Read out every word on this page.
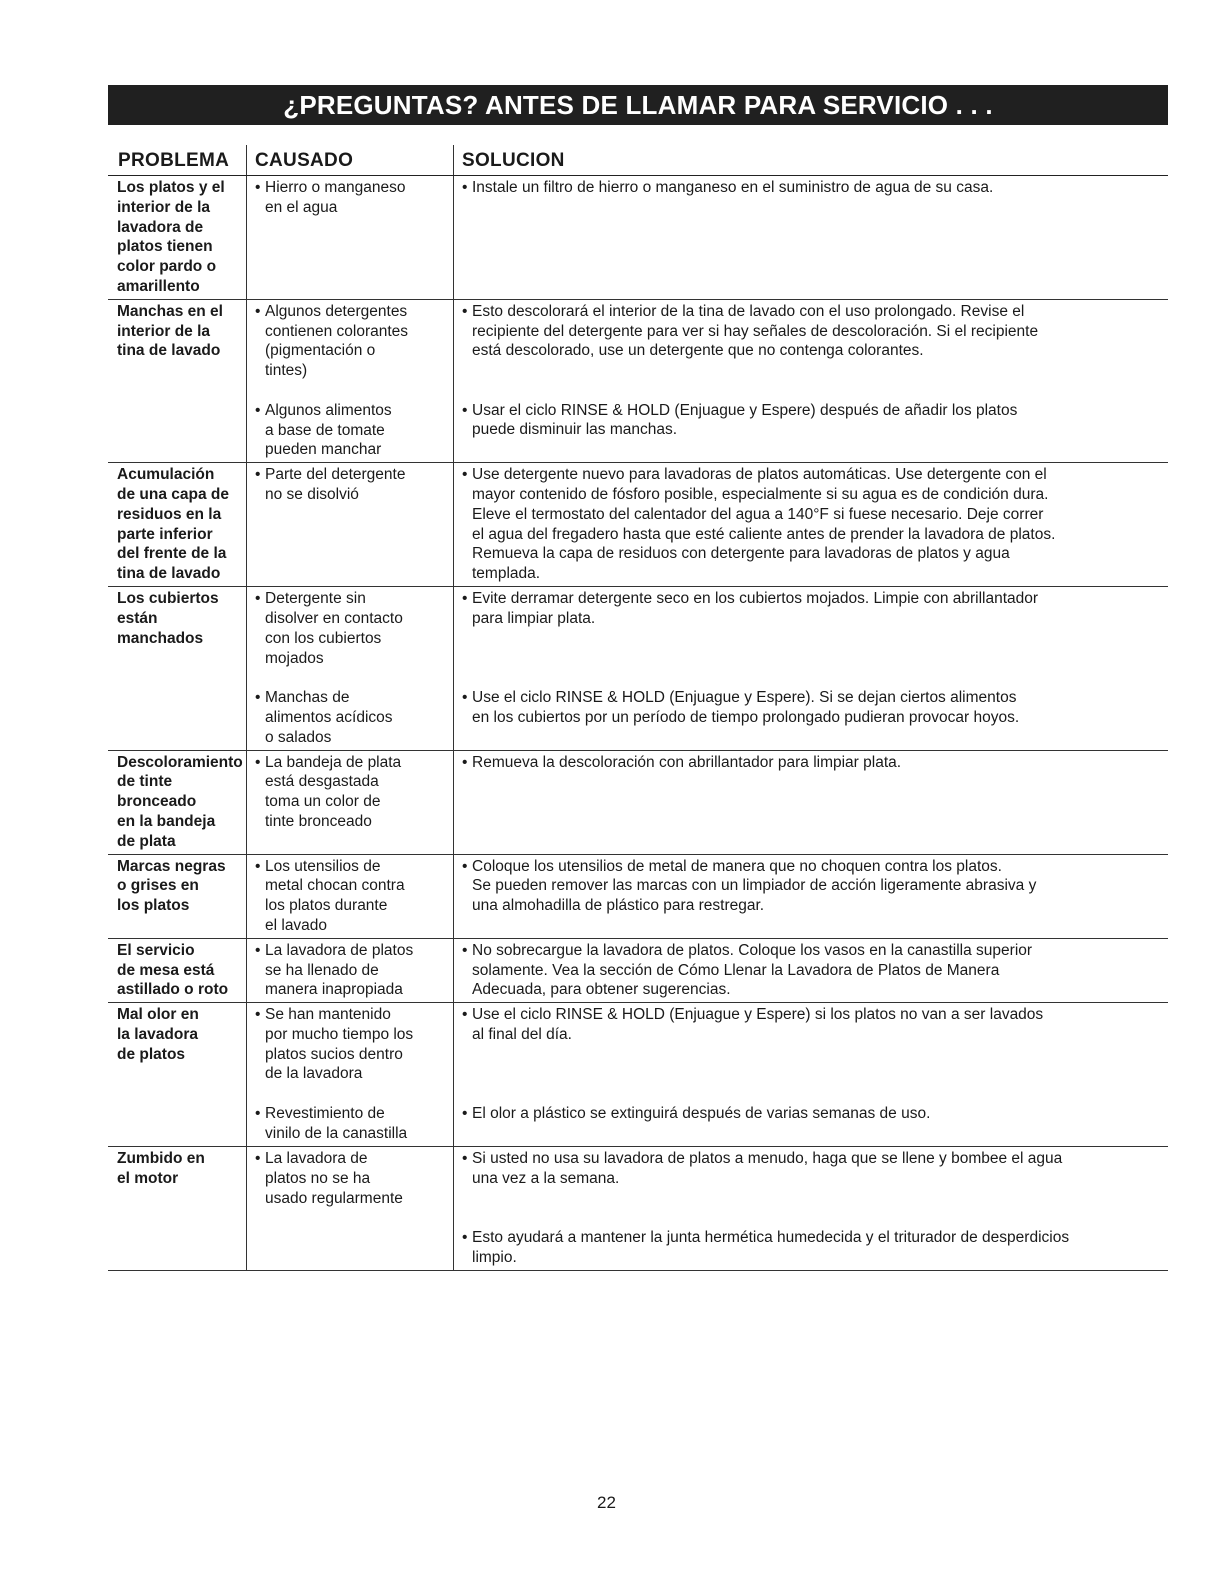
¿PREGUNTAS? ANTES DE LLAMAR PARA SERVICIO . . .
PROBLEMA	CAUSADO	SOLUCION
Los platos y el
interior de la
lavadora de
platos tienen
color pardo o
amarillento
• Hierro o manganeso
en el agua
• Instale un filtro de hierro o manganeso en el suministro de agua de su casa.
Manchas en el
interior de la
tina de lavado
• Algunos detergentes
contienen colorantes
(pigmentación o
tintes)
• Algunos alimentos
a base de tomate
pueden manchar
• Esto descolorará el interior de la tina de lavado con el uso prolongado. Revise el
recipiente del detergente para ver si hay señales de descoloración. Si el recipiente
está descolorado, use un detergente que no contenga colorantes.
• Usar el ciclo RINSE & HOLD (Enjuague y Espere) después de añadir los platos
puede disminuir las manchas.
Acumulación
de una capa de
residuos en la
parte inferior
del frente de la
tina de lavado
• Parte del detergente
no se disolvió
• Use detergente nuevo para lavadoras de platos automáticas. Use detergente con el
mayor contenido de fósforo posible, especialmente si su agua es de condición dura.
Eleve el termostato del calentador del agua a 140°F si fuese necesario. Deje correr
el agua del fregadero hasta que esté caliente antes de prender la lavadora de platos.
Remueva la capa de residuos con detergente para lavadoras de platos y agua
templada.
Los cubiertos
están
manchados
• Detergente sin
disolver en contacto
con los cubiertos
mojados
• Manchas de
alimentos acídicos
o salados
• Evite derramar detergente seco en los cubiertos mojados. Limpie con abrillantador
para limpiar plata.
• Use el ciclo RINSE & HOLD (Enjuague y Espere). Si se dejan ciertos alimentos
en los cubiertos por un período de tiempo prolongado pudieran provocar hoyos.
Descoloramiento
de tinte
bronceado
en la bandeja
de plata
• La bandeja de plata
está desgastada
toma un color de
tinte bronceado
• Remueva la descoloración con abrillantador para limpiar plata.
Marcas negras
o grises en
los platos
• Los utensilios de
metal chocan contra
los platos durante
el lavado
• Coloque los utensilios de metal de manera que no choquen contra los platos.
Se pueden remover las marcas con un limpiador de acción ligeramente abrasiva y
una almohadilla de plástico para restregar.
El servicio
de mesa está
astillado o roto
• La lavadora de platos
se ha llenado de
manera inapropiada
• No sobrecargue la lavadora de platos. Coloque los vasos en la canastilla superior
solamente. Vea la sección de Cómo Llenar la Lavadora de Platos de Manera
Adecuada, para obtener sugerencias.
Mal olor en
la lavadora
de platos
• Se han mantenido
por mucho tiempo los
platos sucios dentro
de la lavadora
• Revestimiento de
vinilo de la canastilla
• Use el ciclo RINSE & HOLD (Enjuague y Espere) si los platos no van a ser lavados
al final del día.
• El olor a plástico se extinguirá después de varias semanas de uso.
Zumbido en
el motor
• La lavadora de
platos no se ha
usado regularmente
• Si usted no usa su lavadora de platos a menudo, haga que se llene y bombee el agua
una vez a la semana.
• Esto ayudará a mantener la junta hermética humedecida y el triturador de desperdicios
limpio.
22
